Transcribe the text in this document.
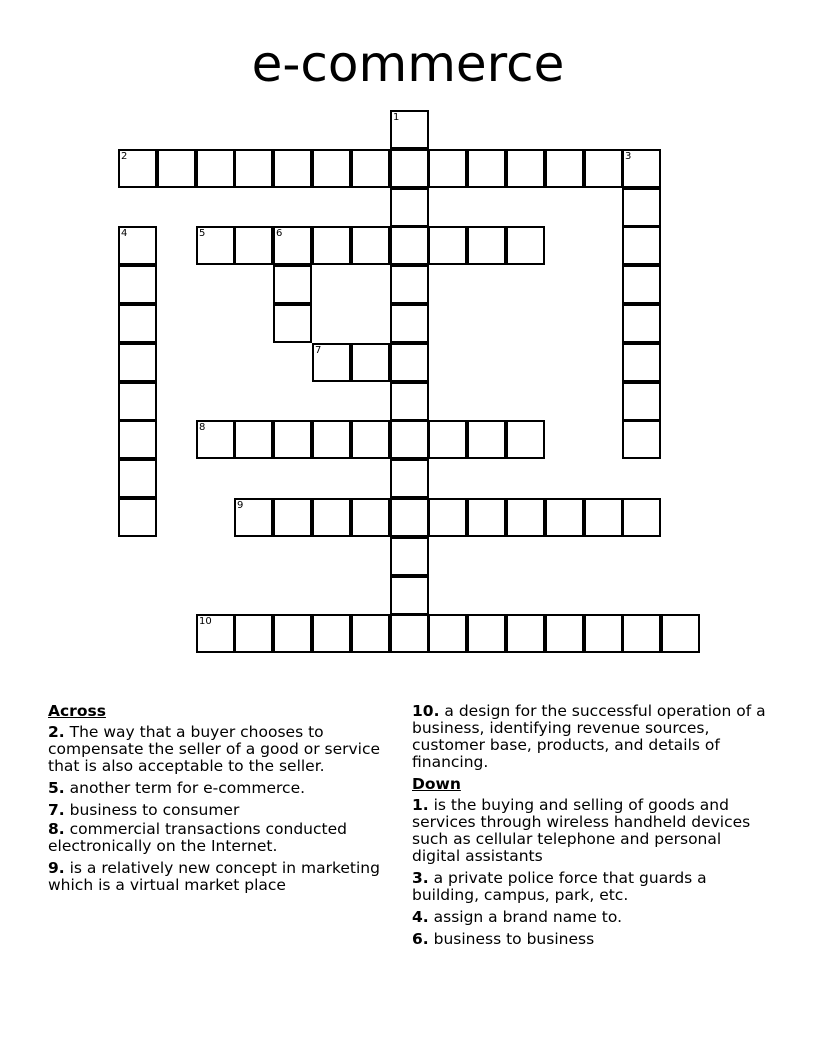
e-commerce
1
2	3
4	5	6
7
8
9
10
Across
2. The way that a buyer chooses to compensate the seller of a good or service that is also acceptable to the seller.
5. another term for e-commerce.
7. business to consumer
8. commercial transactions conducted electronically on the Internet.
9. is a relatively new concept in marketing which is a virtual market place
10. a design for the successful operation of a business, identifying revenue sources, customer base, products, and details of financing.
Down
1. is the buying and selling of goods and services through wireless handheld devices such as cellular telephone and personal digital assistants
3. a private police force that guards a building, campus, park, etc.
4. assign a brand name to.
6. business to business
